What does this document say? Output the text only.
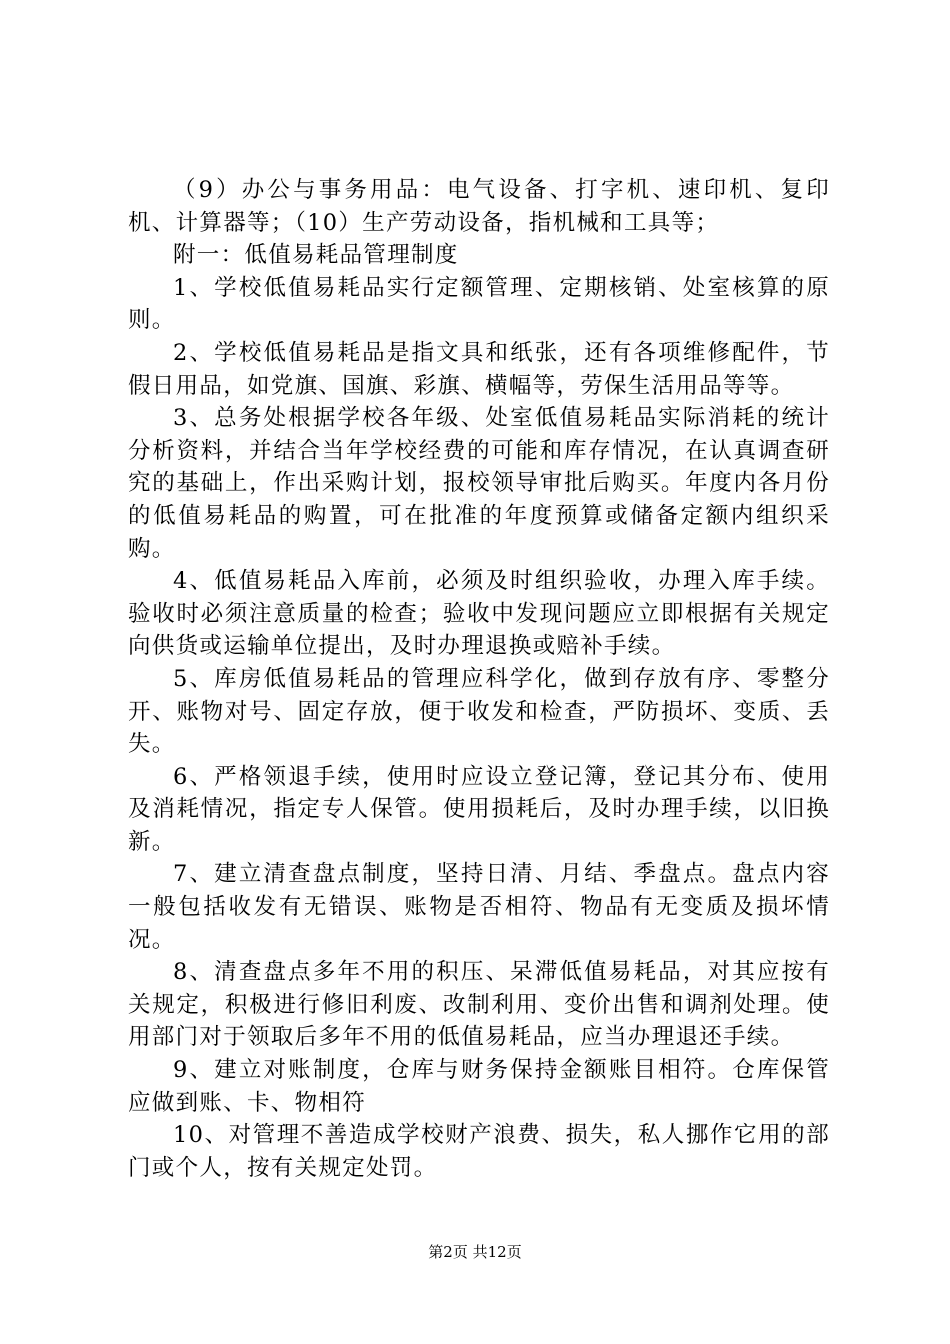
（9）办公与事务用品：电气设备、打字机、速印机、复印机、计算器等；（10）生产劳动设备，指机械和工具等；

附一：低值易耗品管理制度

1、学校低值易耗品实行定额管理、定期核销、处室核算的原则。

2、学校低值易耗品是指文具和纸张，还有各项维修配件，节假日用品，如党旗、国旗、彩旗、横幅等，劳保生活用品等等。

3、总务处根据学校各年级、处室低值易耗品实际消耗的统计分析资料，并结合当年学校经费的可能和库存情况，在认真调查研究的基础上，作出采购计划，报校领导审批后购买。年度内各月份的低值易耗品的购置，可在批准的年度预算或储备定额内组织采购。

4、低值易耗品入库前，必须及时组织验收，办理入库手续。验收时必须注意质量的检查；验收中发现问题应立即根据有关规定向供货或运输单位提出，及时办理退换或赔补手续。

5、库房低值易耗品的管理应科学化，做到存放有序、零整分开、账物对号、固定存放，便于收发和检查，严防损坏、变质、丢失。

6、严格领退手续，使用时应设立登记簿，登记其分布、使用及消耗情况，指定专人保管。使用损耗后，及时办理手续，以旧换新。

7、建立清查盘点制度，坚持日清、月结、季盘点。盘点内容一般包括收发有无错误、账物是否相符、物品有无变质及损坏情况。

8、清查盘点多年不用的积压、呆滞低值易耗品，对其应按有关规定，积极进行修旧利废、改制利用、变价出售和调剂处理。使用部门对于领取后多年不用的低值易耗品，应当办理退还手续。

9、建立对账制度，仓库与财务保持金额账目相符。仓库保管应做到账、卡、物相符

10、对管理不善造成学校财产浪费、损失，私人挪作它用的部门或个人，按有关规定处罚。

第2页 共12页
